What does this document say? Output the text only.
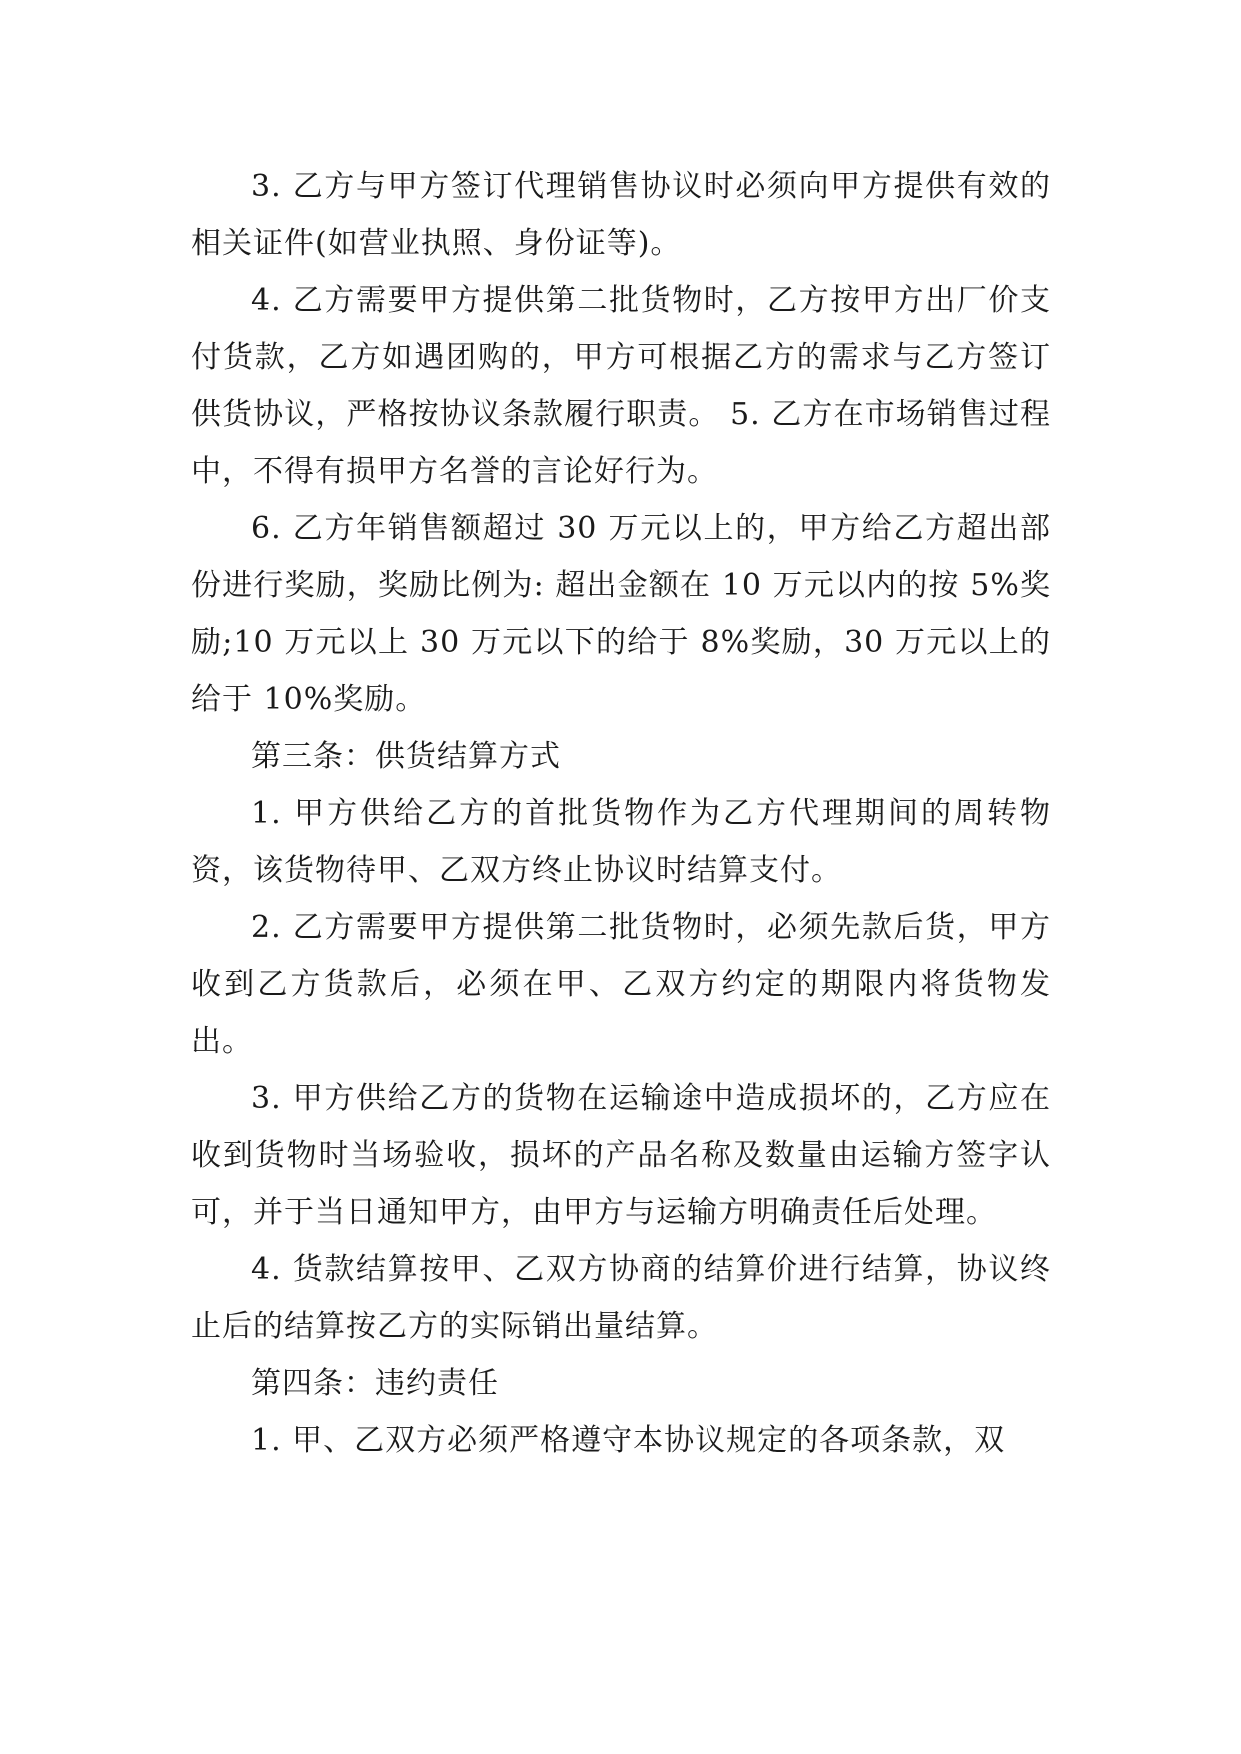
3. 乙方与甲方签订代理销售协议时必须向甲方提供有效的相关证件(如营业执照、身份证等)。

4. 乙方需要甲方提供第二批货物时，乙方按甲方出厂价支付货款，乙方如遇团购的，甲方可根据乙方的需求与乙方签订供货协议，严格按协议条款履行职责。 5. 乙方在市场销售过程中，不得有损甲方名誉的言论好行为。

6. 乙方年销售额超过 30 万元以上的，甲方给乙方超出部份进行奖励，奖励比例为: 超出金额在 10 万元以内的按 5%奖励;10 万元以上 30 万元以下的给于 8%奖励，30 万元以上的给于 10%奖励。

第三条：供货结算方式

1. 甲方供给乙方的首批货物作为乙方代理期间的周转物资，该货物待甲、乙双方终止协议时结算支付。

2. 乙方需要甲方提供第二批货物时，必须先款后货，甲方收到乙方货款后，必须在甲、乙双方约定的期限内将货物发出。

3. 甲方供给乙方的货物在运输途中造成损坏的，乙方应在收到货物时当场验收，损坏的产品名称及数量由运输方签字认可，并于当日通知甲方，由甲方与运输方明确责任后处理。

4. 货款结算按甲、乙双方协商的结算价进行结算，协议终止后的结算按乙方的实际销出量结算。

第四条：违约责任

1. 甲、乙双方必须严格遵守本协议规定的各项条款，双
